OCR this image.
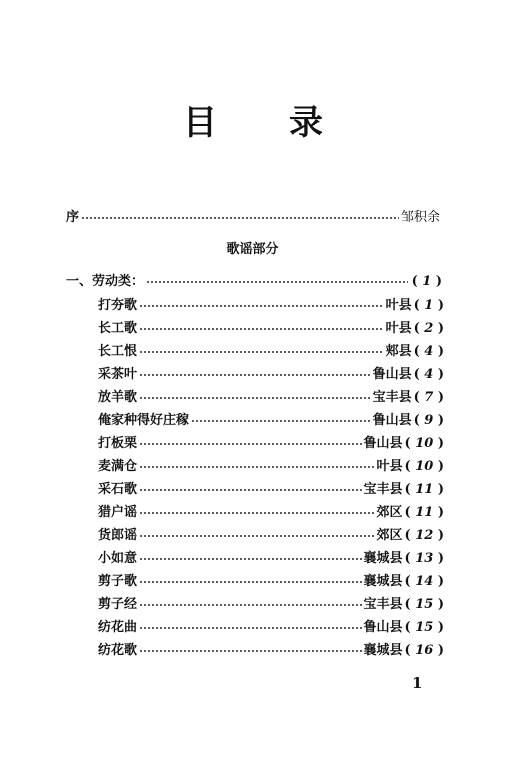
目 录
序	邹积余
歌谣部分
一、劳动类：	( 1 )
打夯歌	叶县 ( 1 )
长工歌	叶县 ( 2 )
长工恨	郏县 ( 4 )
采茶叶	鲁山县 ( 4 )
放羊歌	宝丰县 ( 7 )
俺家种得好庄稼	鲁山县 ( 9 )
打板栗	鲁山县 ( 10 )
麦满仓	叶县 ( 10 )
采石歌	宝丰县 ( 11 )
猎户谣	郊区 ( 11 )
货郎谣	郊区 ( 12 )
小如意	襄城县 ( 13 )
剪子歌	襄城县 ( 14 )
剪子经	宝丰县 ( 15 )
纺花曲	鲁山县 ( 15 )
纺花歌	襄城县 ( 16 )
1
